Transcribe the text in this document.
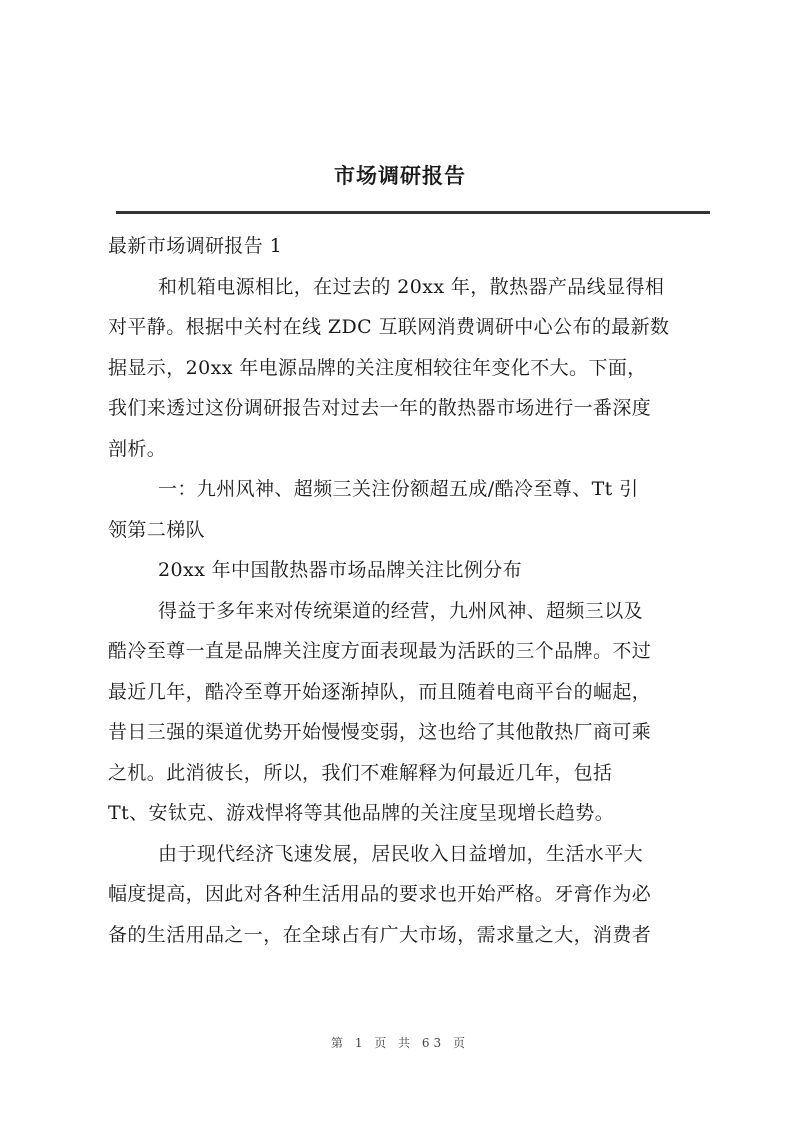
市场调研报告
最新市场调研报告 1
和机箱电源相比，在过去的 20xx 年，散热器产品线显得相
对平静。根据中关村在线 ZDC 互联网消费调研中心公布的最新数
据显示，20xx 年电源品牌的关注度相较往年变化不大。下面，
我们来透过这份调研报告对过去一年的散热器市场进行一番深度
剖析。
一：九州风神、超频三关注份额超五成/酷冷至尊、Tt 引
领第二梯队
20xx 年中国散热器市场品牌关注比例分布
得益于多年来对传统渠道的经营，九州风神、超频三以及
酷冷至尊一直是品牌关注度方面表现最为活跃的三个品牌。不过
最近几年，酷冷至尊开始逐渐掉队，而且随着电商平台的崛起，
昔日三强的渠道优势开始慢慢变弱，这也给了其他散热厂商可乘
之机。此消彼长，所以，我们不难解释为何最近几年，包括
Tt、安钛克、游戏悍将等其他品牌的关注度呈现增长趋势。
由于现代经济飞速发展，居民收入日益增加，生活水平大
幅度提高，因此对各种生活用品的要求也开始严格。牙膏作为必
备的生活用品之一，在全球占有广大市场，需求量之大，消费者
第 1 页 共 63 页
